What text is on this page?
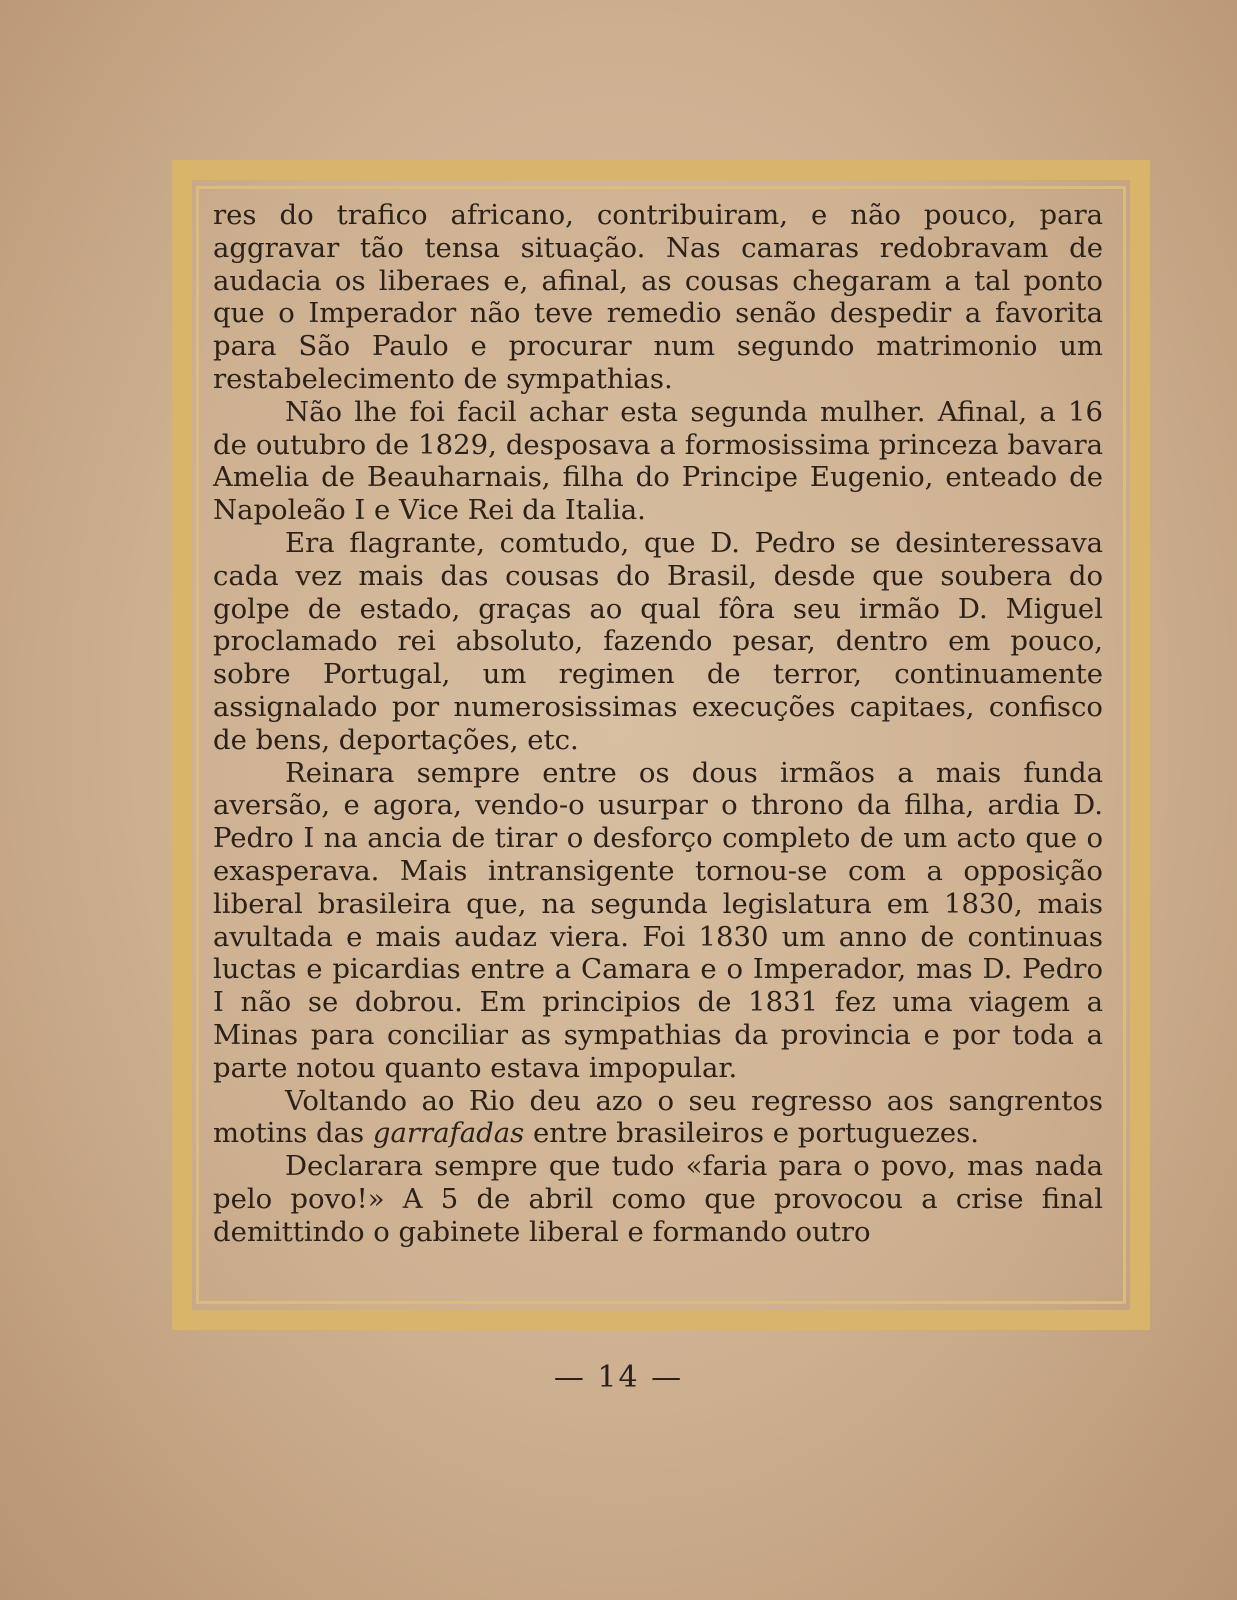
res do trafico africano, contribuiram, e não pouco, para aggravar tão tensa situação. Nas camaras redobravam de audacia os liberaes e, afinal, as cousas chegaram a tal ponto que o Imperador não teve remedio senão despedir a favorita para São Paulo e procurar num segundo matrimonio um restabelecimento de sympathias.

Não lhe foi facil achar esta segunda mulher. Afinal, a 16 de outubro de 1829, desposava a formosissima princeza bavara Amelia de Beauharnais, filha do Principe Eugenio, enteado de Napoleão I e Vice Rei da Italia.

Era flagrante, comtudo, que D. Pedro se desinteressava cada vez mais das cousas do Brasil, desde que soubera do golpe de estado, graças ao qual fôra seu irmão D. Miguel proclamado rei absoluto, fazendo pesar, dentro em pouco, sobre Portugal, um regimen de terror, continuamente assignalado por numerosissimas execuções capitaes, confisco de bens, deportações, etc.

Reinara sempre entre os dous irmãos a mais funda aversão, e agora, vendo-o usurpar o throno da filha, ardia D. Pedro I na ancia de tirar o desforço completo de um acto que o exasperava. Mais intransigente tornou-se com a opposição liberal brasileira que, na segunda legislatura em 1830, mais avultada e mais audaz viera. Foi 1830 um anno de continuas luctas e picardias entre a Camara e o Imperador, mas D. Pedro I não se dobrou. Em principios de 1831 fez uma viagem a Minas para conciliar as sympathias da provincia e por toda a parte notou quanto estava impopular.

Voltando ao Rio deu azo o seu regresso aos sangrentos motins das garrafadas entre brasileiros e portuguezes.

Declarara sempre que tudo «faria para o povo, mas nada pelo povo!» A 5 de abril como que provocou a crise final demittindo o gabinete liberal e formando outro

— 14 —
